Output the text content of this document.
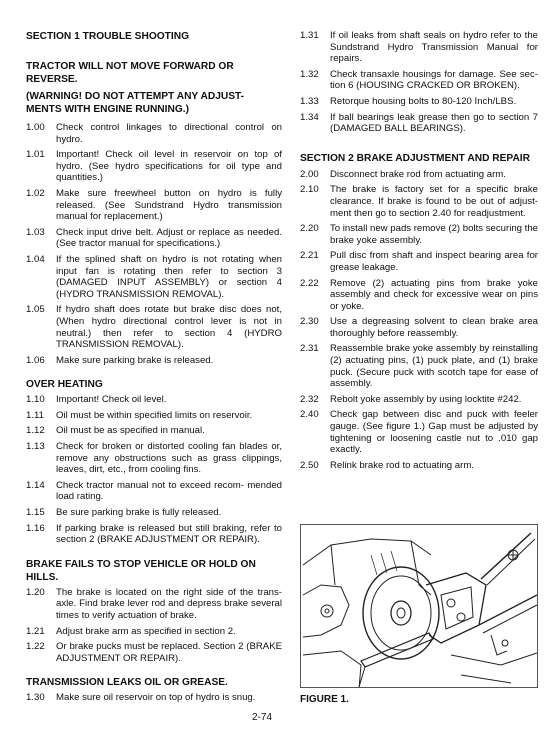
SECTION 1 TROUBLE SHOOTING
TRACTOR WILL NOT MOVE FORWARD OR REVERSE.
(WARNING! DO NOT ATTEMPT ANY ADJUST- MENTS WITH ENGINE RUNNING.)
1.00	Check control linkages to directional control on hydro.
1.01	Important! Check oil level in reservoir on top of hydro. (See hydro specifications for oil type and quantities.)
1.02	Make sure freewheel button on hydro is fully released. (See Sundstrand Hydro transmission manual for replacement.)
1.03	Check input drive belt. Adjust or replace as needed. (See tractor manual for specifications.)
1.04	If the splined shaft on hydro is not rotating when input fan is rotating then refer to section 3 (DAMAGED INPUT ASSEMBLY) or section 4 (HYDRO TRANSMISSION REMOVAL).
1.05	If hydro shaft does rotate but brake disc does not, (When hydro directional control lever is not in neutral.) then refer to section 4 (HYDRO TRANSMISSION REMOVAL).
1.06	Make sure parking brake is released.
OVER HEATING
1.10	Important! Check oil level.
1.11	Oil must be within specified limits on reservoir.
1.12	Oil must be as specified in manual.
1.13	Check for broken or distorted cooling fan blades or, remove any obstructions such as grass clippings, leaves, dirt, etc., from cooling fins.
1.14	Check tractor manual not to exceed recom- mended load rating.
1.15	Be sure parking brake is fully released.
1.16	If parking brake is released but still braking, refer to section 2 (BRAKE ADJUSTMENT OR REPAIR).
BRAKE FAILS TO STOP VEHICLE OR HOLD ON HILLS.
1.20	The brake is located on the right side of the trans- axle. Find brake lever rod and depress brake several times to verify actuation of brake.
1.21	Adjust brake arm as specified in section 2.
1.22	Or brake pucks must be replaced. Section 2 (BRAKE ADJUSTMENT OR REPAIR).
TRANSMISSION LEAKS OIL OR GREASE.
1.30	Make sure oil reservoir on top of hydro is snug.
1.31	If oil leaks from shaft seals on hydro refer to the Sundstrand Hydro Transmission Manual for repairs.
1.32	Check transaxle housings for damage. See sec- tion 6 (HOUSING CRACKED OR BROKEN).
1.33	Retorque housing bolts to 80-120 Inch/LBS.
1.34	If ball bearings leak grease then go to section 7 (DAMAGED BALL BEARINGS).
SECTION 2 BRAKE ADJUSTMENT AND REPAIR
2.00	Disconnect brake rod from actuating arm.
2.10	The brake is factory set for a specific brake clearance. If brake is found to be out of adjust- ment then go to section 2.40 for readjustment.
2.20	To install new pads remove (2) bolts securing the brake yoke assembly.
2.21	Pull disc from shaft and inspect bearing area for grease leakage.
2.22	Remove (2) actuating pins from brake yoke assembly and check for excessive wear on pins or yoke.
2.30	Use a degreasing solvent to clean brake area thoroughly before reassembly.
2.31	Reassemble brake yoke assembly by reinstalling (2) actuating pins, (1) puck plate, and (1) brake puck. (Secure puck with scotch tape for ease of assembly.
2.32	Rebolt yoke assembly by using locktite #242.
2.40	Check gap between disc and puck with feeler gauge. (See figure 1.) Gap must be adjusted by tightening or loosening castle nut to .010 gap exactly.
2.50	Relink brake rod to actuating arm.
FIGURE 1.
2-74
